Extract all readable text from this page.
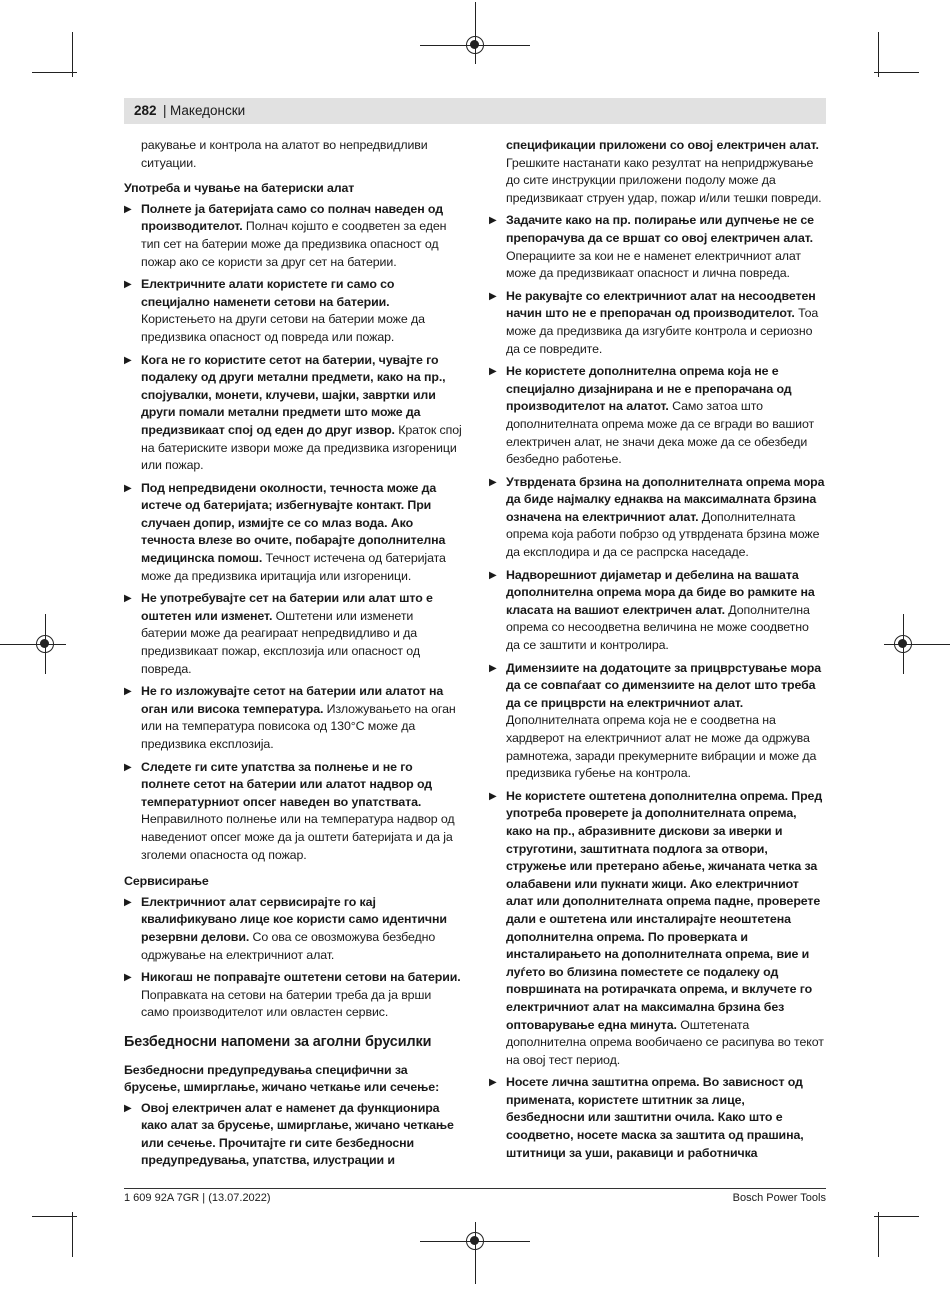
282 | Македонски

ракување и контрола на алатот во непредвидливи ситуации.

Употреба и чување на батериски алат
▶ Полнете ја батеријата само со полнач наведен од производителот. Полнач којшто е соодветен за еден тип сет на батерии може да предизвика опасност од пожар ако се користи за друг сет на батерии.
▶ Електричните алати користете ги само со специјално наменети сетови на батерии. Користењето на други сетови на батерии може да предизвика опасност од повреда или пожар.
▶ Кога не го користите сетот на батерии, чувајте го подалеку од други метални предмети, како на пр., спојувалки, монети, клучеви, шајки, завртки или други помали метални предмети што може да предизвикаат спој од еден до друг извор. Краток спој на батериските извори може да предизвика изгореници или пожар.
▶ Под непредвидени околности, течноста може да истече од батеријата; избегнувајте контакт. При случаен допир, измијте се со млаз вода. Ако течноста влезе во очите, побарајте дополнителна медицинска помош. Течност истечена од батеријата може да предизвика иритација или изгореници.
▶ Не употребувајте сет на батерии или алат што е оштетен или изменет. Оштетени или изменети батерии може да реагираат непредвидливо и да предизвикаат пожар, експлозија или опасност од повреда.
▶ Не го изложувајте сетот на батерии или алатот на оган или висока температура. Изложувањето на оган или на температура повисока од 130°C може да предизвика експлозија.
▶ Следете ги сите упатства за полнење и не го полнете сетот на батерии или алатот надвор од температурниот опсег наведен во упатствата. Неправилното полнење или на температура надвор од наведениот опсег може да ја оштети батеријата и да ја зголеми опасноста од пожар.
Сервисирање
▶ Електричниот алат сервисирајте го кај квалификувано лице кое користи само идентични резервни делови. Со ова се овозможува безбедно одржување на електричниот алат.
▶ Никогаш не поправајте оштетени сетови на батерии. Поправката на сетови на батерии треба да ја врши само производителот или овластен сервис.
Безбедносни напомени за аголни брусилки
Безбедносни предупредувања специфични за брусење, шмирглање, жичано четкање или сечење:
▶ Овој електричен алат е наменет да функционира како алат за брусење, шмирглање, жичано четкање или сечење. Прочитајте ги сите безбедносни предупредувања, упатства, илустрации и
спецификации приложени со овој електричен алат. Грешките настанати како резултат на непридржување до сите инструкции приложени подолу може да предизвикаат струен удар, пожар и/или тешки повреди.
▶ Задачите како на пр. полирање или дупчење не се препорачува да се вршат со овој електричен алат. Операциите за кои не е наменет електричниот алат може да предизвикаат опасност и лична повреда.
▶ Не ракувајте со електричниот алат на несоодветен начин што не е препорачан од производителот. Тоа може да предизвика да изгубите контрола и сериозно да се повредите.
▶ Не користете дополнителна опрема која не е специјално дизајнирана и не е препорачана од производителот на алатот. Само затоа што дополнителната опрема може да се вгради во вашиот електричен алат, не значи дека може да се обезбеди безбедно работење.
▶ Утврдената брзина на дополнителната опрема мора да биде најмалку еднаква на максималната брзина означена на електричниот алат. Дополнителната опрема која работи побрзо од утврдената брзина може да експлодира и да се распрска наседаде.
▶ Надворешниот дијаметар и дебелина на вашата дополнителна опрема мора да биде во рамките на класата на вашиот електричен алат. Дополнителна опрема со несоодветна величина не може соодветно да се заштити и контролира.
▶ Димензиите на додатоците за прицврстување мора да се совпаѓаат со димензиите на делот што треба да се прицврсти на електричниот алат. Дополнителната опрема која не е соодветна на хардверот на електричниот алат не може да одржува рамнотежа, заради прекумерните вибрации и може да предизвика губење на контрола.
▶ Не користете оштетена дополнителна опрема. Пред употреба проверете ја дополнителната опрема, како на пр., абразивните дискови за иверки и струготини, заштитната подлога за отвори, стружење или претерано абење, жичаната четка за олабавени или пукнати жици. Ако електричниот алат или дополнителната опрема падне, проверете дали е оштетена или инсталирајте неоштетена дополнителна опрема. По проверката и инсталирањето на дополнителната опрема, вие и луѓето во близина поместете се подалеку од површината на ротирачката опрема, и вклучете го електричниот алат на максимална брзина без оптоварување една минута. Оштетената дополнителна опрема вообичаено се расипува во текот на овој тест период.
▶ Носете лична заштитна опрема. Во зависност од примената, користете штитник за лице, безбедносни или заштитни очила. Како што е соодветно, носете маска за заштита од прашина, штитници за уши, ракавици и работничка
1 609 92A 7GR | (13.07.2022)	Bosch Power Tools
